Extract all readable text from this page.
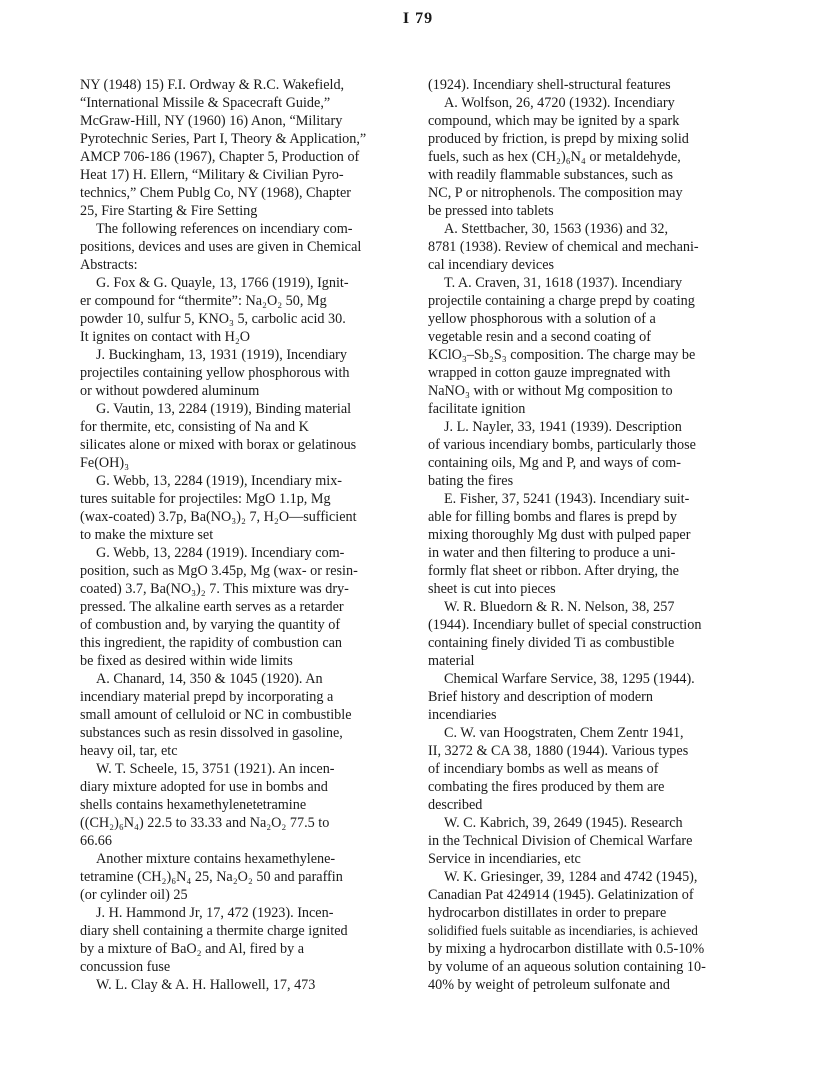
I 79
NY (1948) 15) F.I. Ordway & R.C. Wakefield,
“International Missile & Spacecraft Guide,”
McGraw-Hill, NY (1960) 16) Anon, “Military
Pyrotechnic Series, Part I, Theory & Application,”
AMCP 706-186 (1967), Chapter 5, Production of
Heat 17) H. Ellern, “Military & Civilian Pyro-
technics,” Chem Publg Co, NY (1968), Chapter
25, Fire Starting & Fire Setting
The following references on incendiary com-
positions, devices and uses are given in Chemical
Abstracts:
G. Fox & G. Quayle, 13, 1766 (1919), Ignit-
er compound for “thermite”: Na₂O₂ 50, Mg
powder 10, sulfur 5, KNO₃ 5, carbolic acid 30.
It ignites on contact with H₂O
J. Buckingham, 13, 1931 (1919), Incendiary
projectiles containing yellow phosphorous with
or without powdered aluminum
G. Vautin, 13, 2284 (1919), Binding material
for thermite, etc, consisting of Na and K
silicates alone or mixed with borax or gelatinous
Fe(OH)₃
G. Webb, 13, 2284 (1919), Incendiary mix-
tures suitable for projectiles: MgO 1.1p, Mg
(wax-coated) 3.7p, Ba(NO₃)₂ 7, H₂O—sufficient
to make the mixture set
G. Webb, 13, 2284 (1919). Incendiary com-
position, such as MgO 3.45p, Mg (wax- or resin-
coated) 3.7, Ba(NO₃)₂ 7. This mixture was dry-
pressed. The alkaline earth serves as a retarder
of combustion and, by varying the quantity of
this ingredient, the rapidity of combustion can
be fixed as desired within wide limits
A. Chanard, 14, 350 & 1045 (1920). An
incendiary material prepd by incorporating a
small amount of celluloid or NC in combustible
substances such as resin dissolved in gasoline,
heavy oil, tar, etc
W. T. Scheele, 15, 3751 (1921). An incen-
diary mixture adopted for use in bombs and
shells contains hexamethylenetetramine
((CH₂)₆N₄) 22.5 to 33.33 and Na₂O₂ 77.5 to
66.66
Another mixture contains hexamethylene-
tetramine (CH₂)₆N₄ 25, Na₂O₂ 50 and paraffin
(or cylinder oil) 25
J. H. Hammond Jr, 17, 472 (1923). Incen-
diary shell containing a thermite charge ignited
by a mixture of BaO₂ and Al, fired by a
concussion fuse
W. L. Clay & A. H. Hallowell, 17, 473
(1924). Incendiary shell-structural features
A. Wolfson, 26, 4720 (1932). Incendiary
compound, which may be ignited by a spark
produced by friction, is prepd by mixing solid
fuels, such as hex (CH₂)₆N₄ or metaldehyde,
with readily flammable substances, such as
NC, P or nitrophenols. The composition may
be pressed into tablets
A. Stettbacher, 30, 1563 (1936) and 32,
8781 (1938). Review of chemical and mechani-
cal incendiary devices
T. A. Craven, 31, 1618 (1937). Incendiary
projectile containing a charge prepd by coating
yellow phosphorous with a solution of a
vegetable resin and a second coating of
KClO₃–Sb₂S₃ composition. The charge may be
wrapped in cotton gauze impregnated with
NaNO₃ with or without Mg composition to
facilitate ignition
J. L. Nayler, 33, 1941 (1939). Description
of various incendiary bombs, particularly those
containing oils, Mg and P, and ways of com-
bating the fires
E. Fisher, 37, 5241 (1943). Incendiary suit-
able for filling bombs and flares is prepd by
mixing thoroughly Mg dust with pulped paper
in water and then filtering to produce a uni-
formly flat sheet or ribbon. After drying, the
sheet is cut into pieces
W. R. Bluedorn & R. N. Nelson, 38, 257
(1944). Incendiary bullet of special construction
containing finely divided Ti as combustible
material
Chemical Warfare Service, 38, 1295 (1944).
Brief history and description of modern
incendiaries
C. W. van Hoogstraten, Chem Zentr 1941,
II, 3272 & CA 38, 1880 (1944). Various types
of incendiary bombs as well as means of
combating the fires produced by them are
described
W. C. Kabrich, 39, 2649 (1945). Research
in the Technical Division of Chemical Warfare
Service in incendiaries, etc
W. K. Griesinger, 39, 1284 and 4742 (1945),
Canadian Pat 424914 (1945). Gelatinization of
hydrocarbon distillates in order to prepare
solidified fuels suitable as incendiaries, is achieved
by mixing a hydrocarbon distillate with 0.5-10%
by volume of an aqueous solution containing 10-
40% by weight of petroleum sulfonate and
